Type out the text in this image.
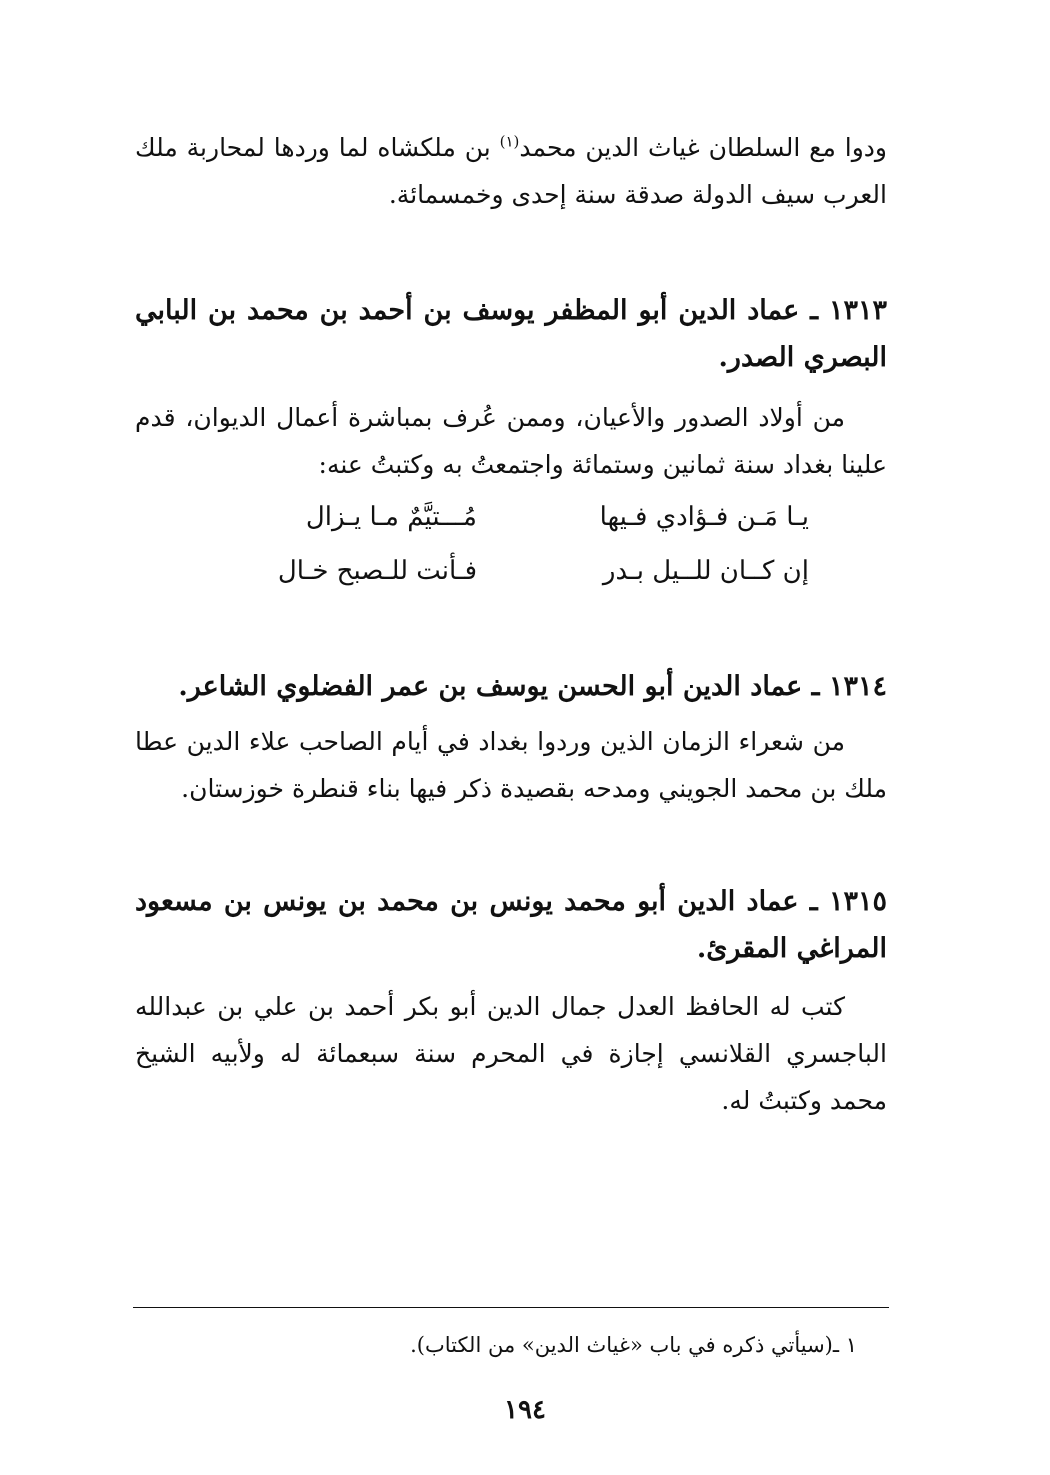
ودوا مع السلطان غياث الدين محمد$^{(١)}$ بن ملكشاه لما وردها لمحاربة ملك العرب سيف الدولة صدقة سنة إحدى وخمسمائة.
١٣١٣ ـ عماد الدين أبو المظفر يوسف بن أحمد بن محمد بن البابي البصري الصدر.
من أولاد الصدور والأعيان، وممن عُرف بمباشرة أعمال الديوان، قدم علينا بغداد سنة ثمانين وستمائة واجتمعتُ به وكتبتُ عنه:
يـا مَـن فـؤادي فـيها
مُـــتيَّمٌ مـا يـزال
إن كــان للــيل بـدر
فـأنت للـصبح خـال
١٣١٤ ـ عماد الدين أبو الحسن يوسف بن عمر الفضلوي الشاعر.
من شعراء الزمان الذين وردوا بغداد في أيام الصاحب علاء الدين عطا ملك بن محمد الجويني ومدحه بقصيدة ذكر فيها بناء قنطرة خوزستان.
١٣١٥ ـ عماد الدين أبو محمد يونس بن محمد بن يونس بن مسعود المراغي المقرئ.
كتب له الحافظ العدل جمال الدين أبو بكر أحمد بن علي بن عبدالله الباجسري القلانسي إجازة في المحرم سنة سبعمائة له ولأبيه الشيخ محمد وكتبتُ له.
١ ـ(سيأتي ذكره في باب «غياث الدين» من الكتاب).
١٩٤
